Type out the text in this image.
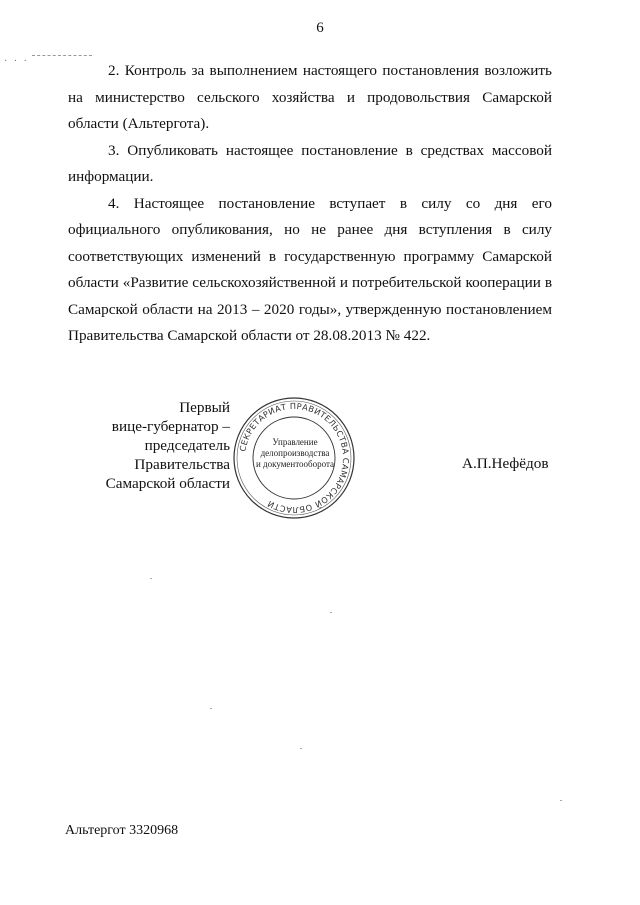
6
· · ·

2. Контроль за выполнением настоящего постановления возложить на министерство сельского хозяйства и продовольствия Самарской области (Альтергота).

3. Опубликовать настоящее постановление в средствах массовой информации.

4. Настоящее постановление вступает в силу со дня его официального опубликования, но не ранее дня вступления в силу соответствующих изменений в государственную программу Самарской области «Развитие сельскохозяйственной и потребительской кооперации в Самарской области на 2013 – 2020 годы», утвержденную постановлением Правительства Самарской области от 28.08.2013 № 422.

Первый
вице-губернатор –
председатель Правительства
Самарской области
СЕКРЕТАРИАТ ПРАВИТЕЛЬСТВА САМАРСКОЙ ОБЛАСТИ
Управление
делопроизводства
и документооборота	А.П.Нефёдов
Альтергот 3320968
